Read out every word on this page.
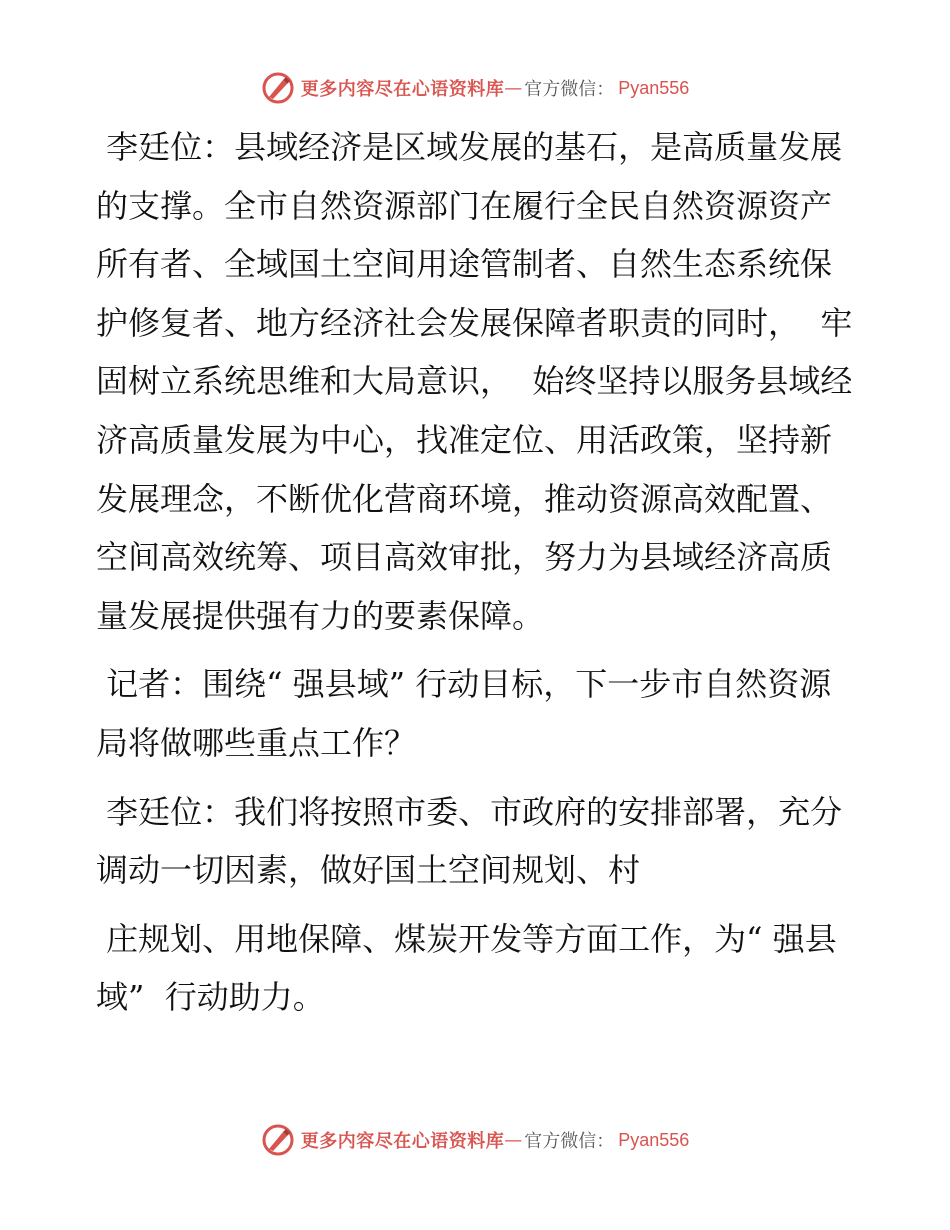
更多内容尽在心语资料库 — 官方微信： Pyan556

李廷位：县域经济是区域发展的基石，是高质量发展的支撑。全市自然资源部门在履行全民自然资源资产所有者、全域国土空间用途管制者、自然生态系统保护修复者、地方经济社会发展保障者职责的同时，  牢固树立系统思维和大局意识，  始终坚持以服务县域经济高质量发展为中心，找准定位、用活政策，坚持新发展理念，不断优化营商环境，推动资源高效配置、空间高效统筹、项目高效审批，努力为县域经济高质量发展提供强有力的要素保障。

记者：围绕“ 强县域” 行动目标，下一步市自然资源局将做哪些重点工作？

李廷位：我们将按照市委、市政府的安排部署，充分调动一切因素，做好国土空间规划、村

庄规划、用地保障、煤炭开发等方面工作，为“ 强县域”  行动助力。

更多内容尽在心语资料库 — 官方微信： Pyan556
